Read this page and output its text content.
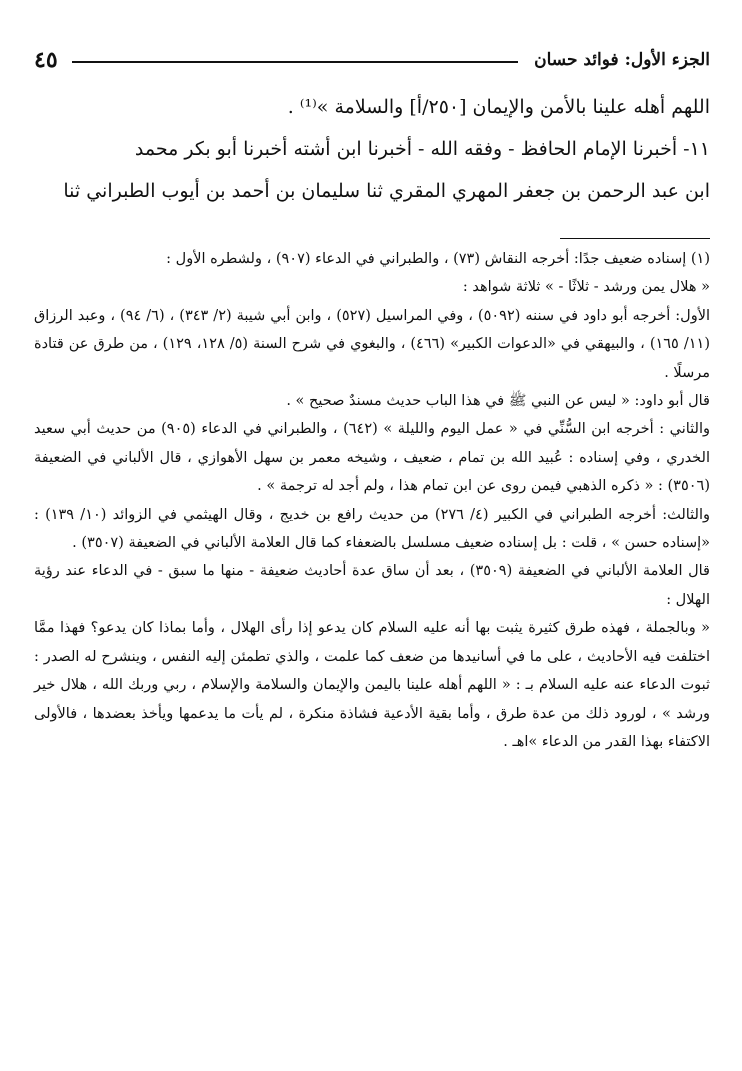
الجزء الأول: فوائد حسان
٤٥

اللهم أهله علينا بالأمن والإيمان [٢٥٠/أ] والسلامة »⁽¹⁾ .

١١- أخبرنا الإمام الحافظ - وفقه الله - أخبرنا ابن أشته أخبرنا أبو بكر محمد

ابن عبد الرحمن بن جعفر المهري المقري ثنا سليمان بن أحمد بن أيوب الطبراني ثنا

(١) إسناده ضعيف جدًا: أخرجه النقاش (٧٣) ، والطبراني في الدعاء (٩٠٧) ، ولشطره الأول :

« هلال يمن ورشد - ثلاثًا - » ثلاثة شواهد :

الأول: أخرجه أبو داود في سننه (٥٠٩٢) ، وفي المراسيل (٥٢٧) ، وابن أبي شيبة (٢/ ٣٤٣) ، (٦/ ٩٤) ، وعبد الرزاق (١١/ ١٦٥) ، والبيهقي في «الدعوات الكبير» (٤٦٦) ، والبغوي في شرح السنة (٥/ ١٢٨، ١٢٩) ، من طرق عن قتادة مرسلًا .

قال أبو داود: « ليس عن النبي ﷺ في هذا الباب حديث مسندٌ صحيح » .

والثاني : أخرجه ابن السُّنِّي في « عمل اليوم والليلة » (٦٤٢) ، والطبراني في الدعاء (٩٠٥) من حديث أبي سعيد الخدري ، وفي إسناده : عُبيد الله بن تمام ، ضعيف ، وشيخه معمر بن سهل الأهوازي ، قال الألباني في الضعيفة (٣٥٠٦) : « ذكره الذهبي فيمن روى عن ابن تمام هذا ، ولم أجد له ترجمة » .

والثالث: أخرجه الطبراني في الكبير (٤/ ٢٧٦) من حديث رافع بن خديج ، وقال الهيثمي في الزوائد (١٠/ ١٣٩) : «إسناده حسن » ، قلت : بل إسناده ضعيف مسلسل بالضعفاء كما قال العلامة الألباني في الضعيفة (٣٥٠٧) .

قال العلامة الألباني في الضعيفة (٣٥٠٩) ، بعد أن ساق عدة أحاديث ضعيفة - منها ما سبق - في الدعاء عند رؤية الهلال :

« وبالجملة ، فهذه طرق كثيرة يثبت بها أنه عليه السلام كان يدعو إذا رأى الهلال ، وأما بماذا كان يدعو؟ فهذا ممَّا اختلفت فيه الأحاديث ، على ما في أسانيدها من ضعف كما علمت ، والذي تطمئن إليه النفس ، وينشرح له الصدر : ثبوت الدعاء عنه عليه السلام بـ : « اللهم أهله علينا باليمن والإيمان والسلامة والإسلام ، ربي وربك الله ، هلال خير ورشد » ، لورود ذلك من عدة طرق ، وأما بقية الأدعية فشاذة منكرة ، لم يأت ما يدعمها ويأخذ بعضدها ، فالأولى الاكتفاء بهذا القدر من الدعاء »اهـ .
